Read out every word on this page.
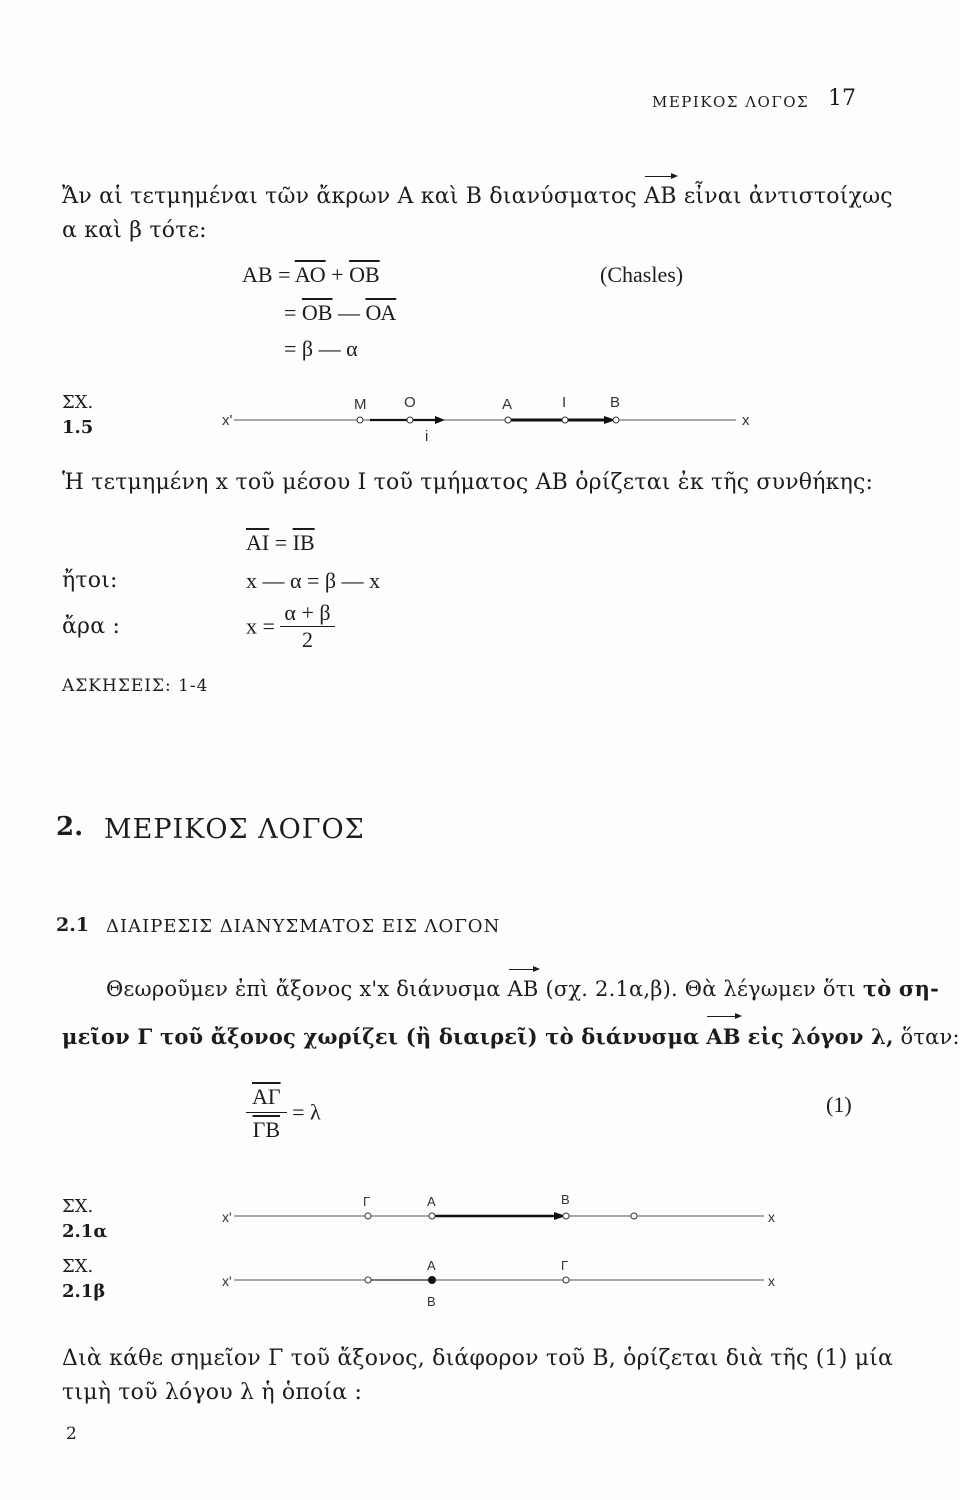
ΜΕΡΙΚΟΣ ΛΟΓΟΣ 17
Ἄν αἱ τετμημέναι τῶν ἄκρων Α καὶ Β διανύσματος ΑΒ εἶναι ἀντιστοίχως
α καὶ β τότε:
$AB = \overline{AO} + \overline{OB}$	(Chasles)
= $\overline{OB}$ — $\overline{OA}$
= β — α
ΣΧ.
1.5	x'	x
M	O	A	I	B
i
Ἡ τετμημένη x τοῦ μέσου Ι τοῦ τμήματος ΑΒ ὁρίζεται ἐκ τῆς συνθήκης:
$\overline{AI} = \overline{IB}$
ἤτοι:	x — α = β — x
ἄρα :	$x = \frac{\alpha + \beta}{2}$
ΑΣΚΗΣΕΙΣ: 1-4
2. ΜΕΡΙΚΟΣ ΛΟΓΟΣ
2.1 ΔΙΑΙΡΕΣΙΣ ΔΙΑΝΥΣΜΑΤΟΣ ΕΙΣ ΛΟΓΟΝ
Θεωροῦμεν ἐπὶ ἄξονος x'x διάνυσμα ΑΒ (σχ. 2.1α,β). Θὰ λέγωμεν ὅτι τὸ ση-
μεῖον Γ τοῦ ἄξονος χωρίζει (ἢ διαιρεῖ) τὸ διάνυσμα ΑΒ εἰς λόγον λ, ὅταν:
$\frac{\overline{A\Gamma}}{\Gamma B} = \lambda$	(1)
ΣΧ.
2.1α
x'	x
Γ	A	B
ΣΧ.
2.1β	x'	x
A
B
Γ
Διὰ κάθε σημεῖον Γ τοῦ ἄξονος, διάφορον τοῦ Β, ὁρίζεται διὰ τῆς (1) μία
τιμὴ τοῦ λόγου λ ἡ ὁποία :
2
